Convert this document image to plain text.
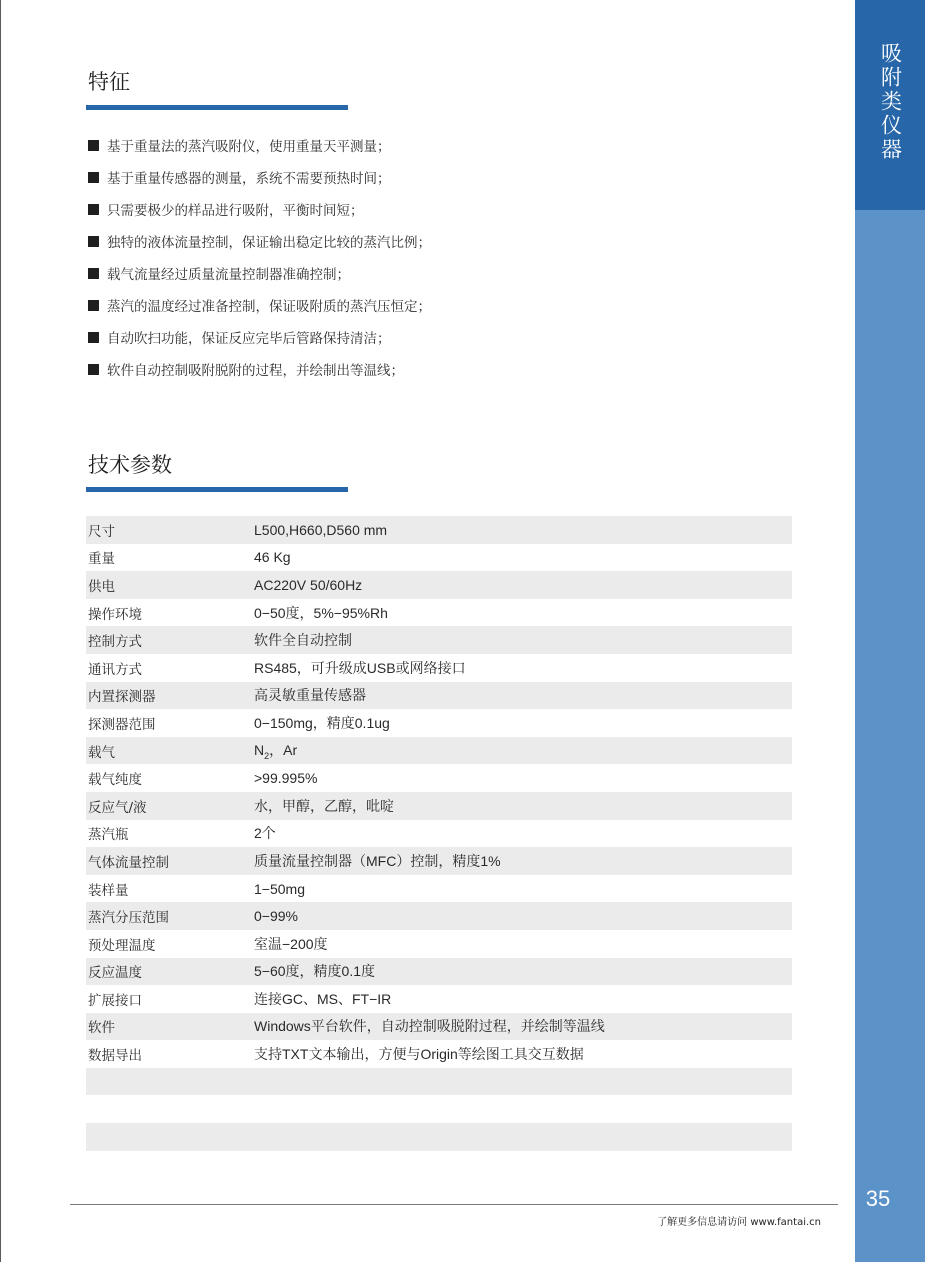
吸附类仪器
35
特征
基于重量法的蒸汽吸附仪，使用重量天平测量；
基于重量传感器的测量，系统不需要预热时间；
只需要极少的样品进行吸附，平衡时间短；
独特的液体流量控制，保证输出稳定比较的蒸汽比例；
载气流量经过质量流量控制器准确控制；
蒸汽的温度经过准备控制，保证吸附质的蒸汽压恒定；
自动吹扫功能，保证反应完毕后管路保持清洁；
软件自动控制吸附脱附的过程，并绘制出等温线；
技术参数
尺寸	L500,H660,D560 mm
重量	46 Kg
供电	AC220V 50/60Hz
操作环境	0−50度，5%−95%Rh
控制方式	软件全自动控制
通讯方式	RS485，可升级成USB或网络接口
内置探测器	高灵敏重量传感器
探测器范围	0−150mg，精度0.1ug
载气	$N_2$，Ar
载气纯度	>99.995%
反应气/液	水，甲醇，乙醇，吡啶
蒸汽瓶	2个
气体流量控制	质量流量控制器（MFC）控制，精度1%
装样量	1−50mg
蒸汽分压范围	0−99%
预处理温度	室温−200度
反应温度	5−60度，精度0.1度
扩展接口	连接GC、MS、FT−IR
软件	Windows平台软件，自动控制吸脱附过程，并绘制等温线
数据导出	支持TXT文本输出，方便与Origin等绘图工具交互数据
了解更多信息请访问 www.fantai.cn
